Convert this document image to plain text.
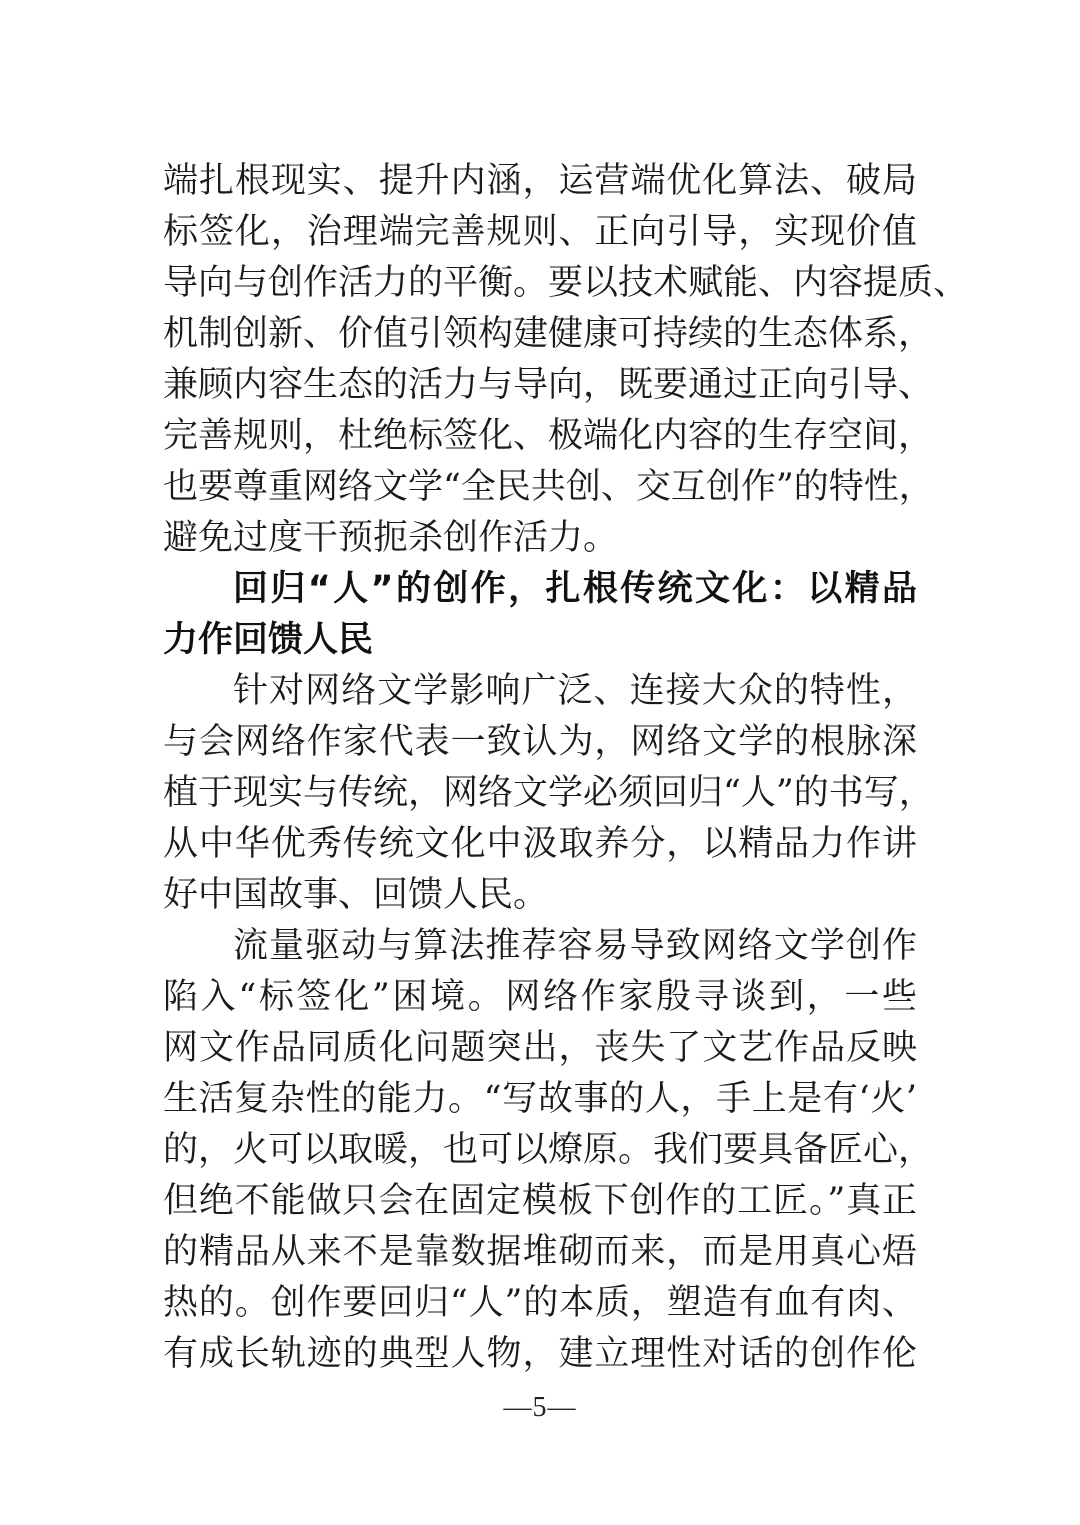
端扎根现实、提升内涵，运营端优化算法、破局
标签化，治理端完善规则、正向引导，实现价值
导向与创作活力的平衡。要以技术赋能、内容提质、
机制创新、价值引领构建健康可持续的生态体系，
兼顾内容生态的活力与导向，既要通过正向引导、
完善规则，杜绝标签化、极端化内容的生存空间，
也要尊重网络文学“全民共创、交互创作”的特性，
避免过度干预扼杀创作活力。
回归“人”的创作，扎根传统文化：以精品
力作回馈人民
针对网络文学影响广泛、连接大众的特性，
与会网络作家代表一致认为，网络文学的根脉深
植于现实与传统，网络文学必须回归“人”的书写，
从中华优秀传统文化中汲取养分，以精品力作讲
好中国故事、回馈人民。
流量驱动与算法推荐容易导致网络文学创作
陷入“标签化”困境。网络作家殷寻谈到，一些
网文作品同质化问题突出，丧失了文艺作品反映
生活复杂性的能力。“写故事的人，手上是有‘火’
的，火可以取暖，也可以燎原。我们要具备匠心，
但绝不能做只会在固定模板下创作的工匠。”真正
的精品从来不是靠数据堆砌而来，而是用真心焐
热的。创作要回归“人”的本质，塑造有血有肉、
有成长轨迹的典型人物，建立理性对话的创作伦
—5—
